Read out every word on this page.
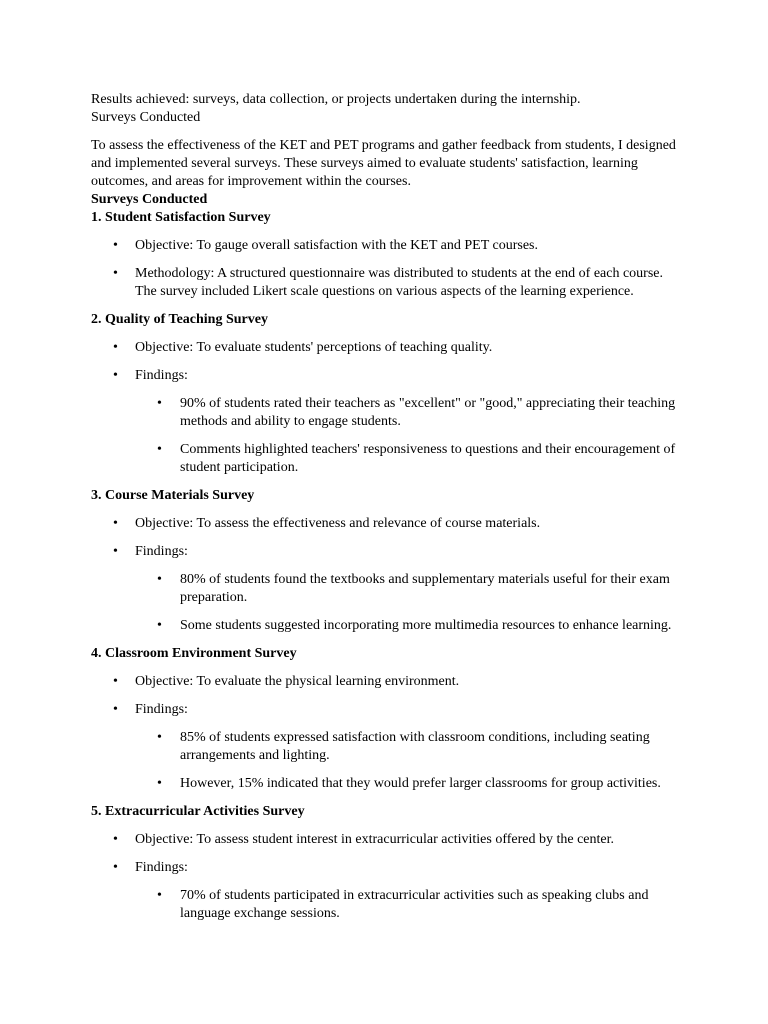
Results achieved: surveys, data collection, or projects undertaken during the internship.

Surveys Conducted

To assess the effectiveness of the KET and PET programs and gather feedback from students, I designed and implemented several surveys. These surveys aimed to evaluate students' satisfaction, learning outcomes, and areas for improvement within the courses.

Surveys Conducted

1. Student Satisfaction Survey

• Objective: To gauge overall satisfaction with the KET and PET courses.
• Methodology: A structured questionnaire was distributed to students at the end of each course. The survey included Likert scale questions on various aspects of the learning experience.

2. Quality of Teaching Survey

• Objective: To evaluate students' perceptions of teaching quality.
• Findings:
• 90% of students rated their teachers as "excellent" or "good," appreciating their teaching methods and ability to engage students.
• Comments highlighted teachers' responsiveness to questions and their encouragement of student participation.

3. Course Materials Survey

• Objective: To assess the effectiveness and relevance of course materials.
• Findings:
• 80% of students found the textbooks and supplementary materials useful for their exam preparation.
• Some students suggested incorporating more multimedia resources to enhance learning.

4. Classroom Environment Survey

• Objective: To evaluate the physical learning environment.
• Findings:
• 85% of students expressed satisfaction with classroom conditions, including seating arrangements and lighting.
• However, 15% indicated that they would prefer larger classrooms for group activities.

5. Extracurricular Activities Survey

• Objective: To assess student interest in extracurricular activities offered by the center.
• Findings:
• 70% of students participated in extracurricular activities such as speaking clubs and language exchange sessions.
